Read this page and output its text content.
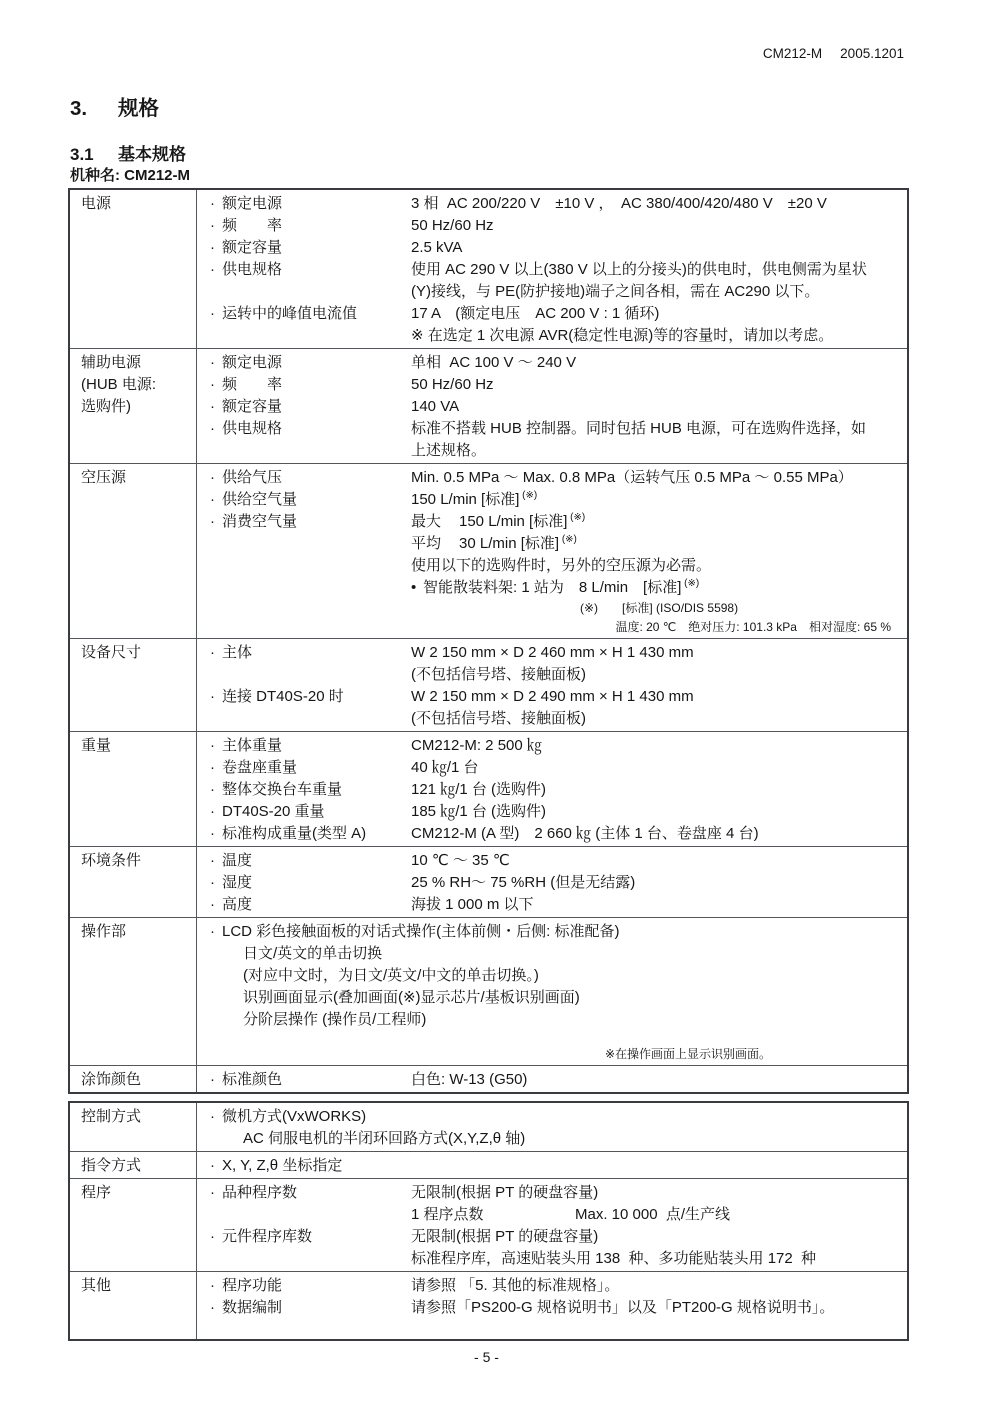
CM212-M 2005.1201
3. 规格
3.1 基本规格
机种名: CM212-M
电源	· 额定电源	3 相  AC 200/220 V　±10 V ，  AC 380/400/420/480 V　±20 V
· 频　　率	50 Hz/60 Hz
· 额定容量	2.5 kVA
· 供电规格	使用 AC 290 V 以上(380 V 以上的分接头)的供电时，供电侧需为星状
(Y)接线，与 PE(防护接地)端子之间各相，需在 AC290 以下。
· 运转中的峰值电流值	17 A　(额定电压　AC 200 V : 1 循环)
※ 在选定 1 次电源 AVR(稳定性电源)等的容量时，请加以考虑。

辅助电源
(HUB 电源:
选购件)

· 额定电源	单相  AC 100 V ～ 240 V
· 频　　率	50 Hz/60 Hz
· 额定容量	140 VA
· 供电规格	标准不搭载 HUB 控制器。同时包括 HUB 电源，可在选购件选择，如
上述规格。

空压源	· 供给气压	Min. 0.5 MPa ～ Max. 0.8 MPa（运转气压 0.5 MPa ～ 0.55 MPa）
· 供给空气量	150 L/min [标准] (※)
· 消费空气量	最大 150 L/min [标准] (※)
平均 30 L/min [标准] (※)
使用以下的选购件时，另外的空压源为必需。
• 智能散装料架: 1 站为　8 L/min　[标准] (※)
(※)　　[标准] (ISO/DIS 5598)
温度: 20 ℃　绝对压力: 101.3 kPa　相对湿度: 65 %

设备尺寸	· 主体	W 2 150 mm × D 2 460 mm × H 1 430 mm
(不包括信号塔、接触面板)
· 连接 DT40S-20 时	W 2 150 mm × D 2 490 mm × H 1 430 mm
(不包括信号塔、接触面板)

重量	· 主体重量	CM212-M: 2 500 ㎏
· 卷盘座重量	40 ㎏/1 台
· 整体交换台车重量	121 ㎏/1 台 (选购件)
· DT40S-20 重量	185 ㎏/1 台 (选购件)
· 标准构成重量(类型 A)	CM212-M (A 型)　2 660 ㎏ (主体 1 台、卷盘座 4 台)

环境条件	· 温度	10 ℃ ～ 35 ℃
· 湿度	25 % RH～ 75 %RH (但是无结露)
· 高度	海拔 1 000 m 以下

操作部	· LCD 彩色接触面板的对话式操作(主体前侧・后侧: 标准配备)
日文/英文的单击切换
(对应中文时，为日文/英文/中文的单击切换。)
识别画面显示(叠加画面(※)显示芯片/基板识别画面)
分阶层操作 (操作员/工程师)
※在操作画面上显示识别画面。

涂饰颜色	· 标准颜色	白色: W-13 (G50)
控制方式	· 微机方式(VxWORKS)
AC 伺服电机的半闭环回路方式(X,Y,Z,θ 轴)

指令方式	· X, Y, Z,θ 坐标指定

程序	· 品种程序数	无限制(根据 PT 的硬盘容量)
1 程序点数	Max. 10 000  点/生产线
· 元件程序库数	无限制(根据 PT 的硬盘容量)
标准程序库，高速贴装头用 138  种、多功能贴装头用 172  种

其他	· 程序功能	请参照 「5. 其他的标准规格」。
· 数据编制	请参照「PS200-G 规格说明书」以及「PT200-G 规格说明书」。
- 5 -
